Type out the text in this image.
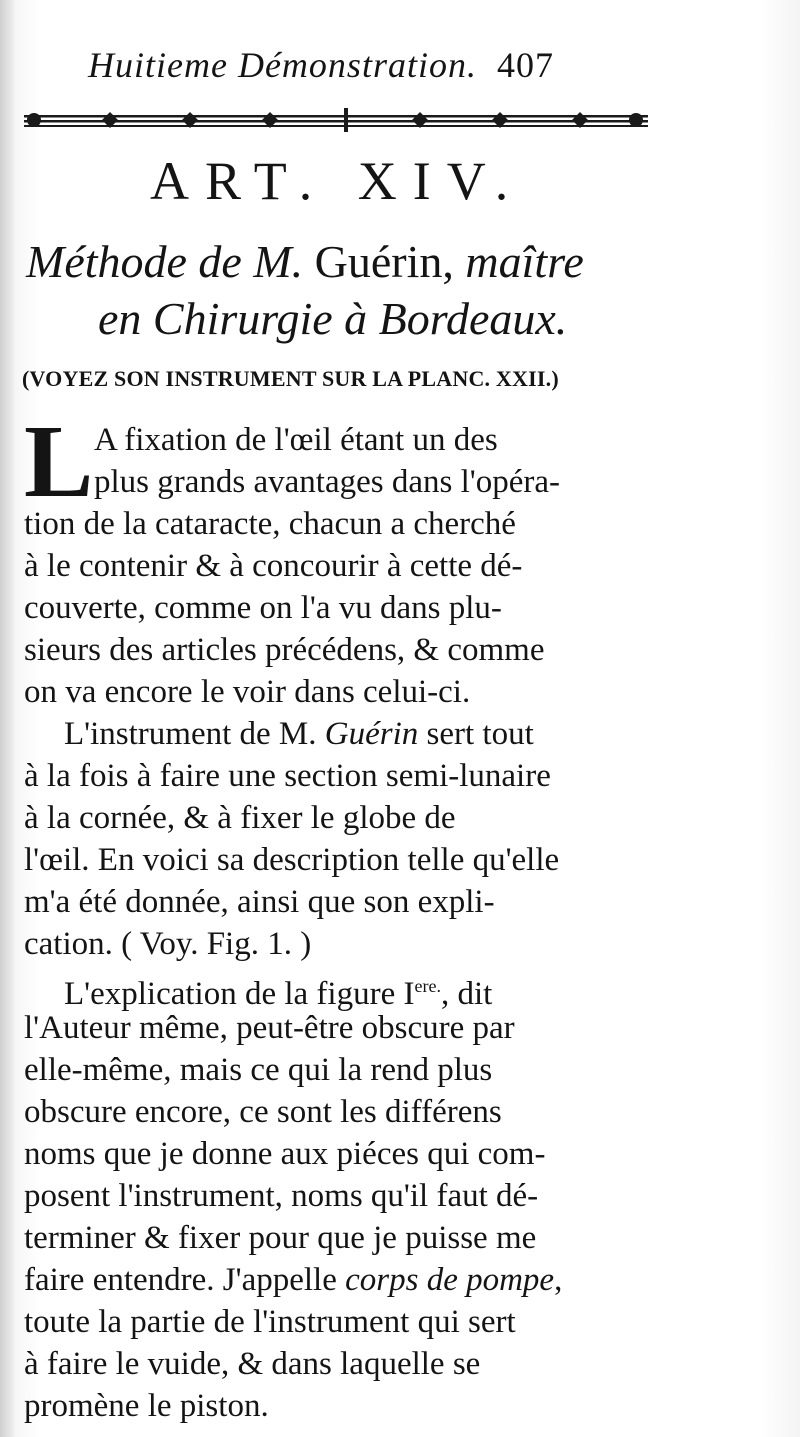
Huitieme Démonstration. 407
ART. XIV.
Méthode de M. Guérin, maître
en Chirurgie à Bordeaux.
(VOYEZ SON INSTRUMENT SUR LA PLANC. XXII.)
L A fixation de l'œil étant un des
plus grands avantages dans l'opéra-
tion de la cataracte, chacun a cherché
à le contenir & à concourir à cette dé-
couverte, comme on l'a vu dans plu-
sieurs des articles précédens, & comme
on va encore le voir dans celui-ci.
L'instrument de M. Guérin sert tout
à la fois à faire une section semi-lunaire
à la cornée, & à fixer le globe de
l'œil. En voici sa description telle qu'elle
m'a été donnée, ainsi que son expli-
cation. ( Voy. Fig. 1. )
L'explication de la figure $I^{ere.}$, dit
l'Auteur même, peut-être obscure par
elle-même, mais ce qui la rend plus
obscure encore, ce sont les différens
noms que je donne aux piéces qui com-
posent l'instrument, noms qu'il faut dé-
terminer & fixer pour que je puisse me
faire entendre. J'appelle corps de pompe,
toute la partie de l'instrument qui sert
à faire le vuide, & dans laquelle se
promène le piston.
